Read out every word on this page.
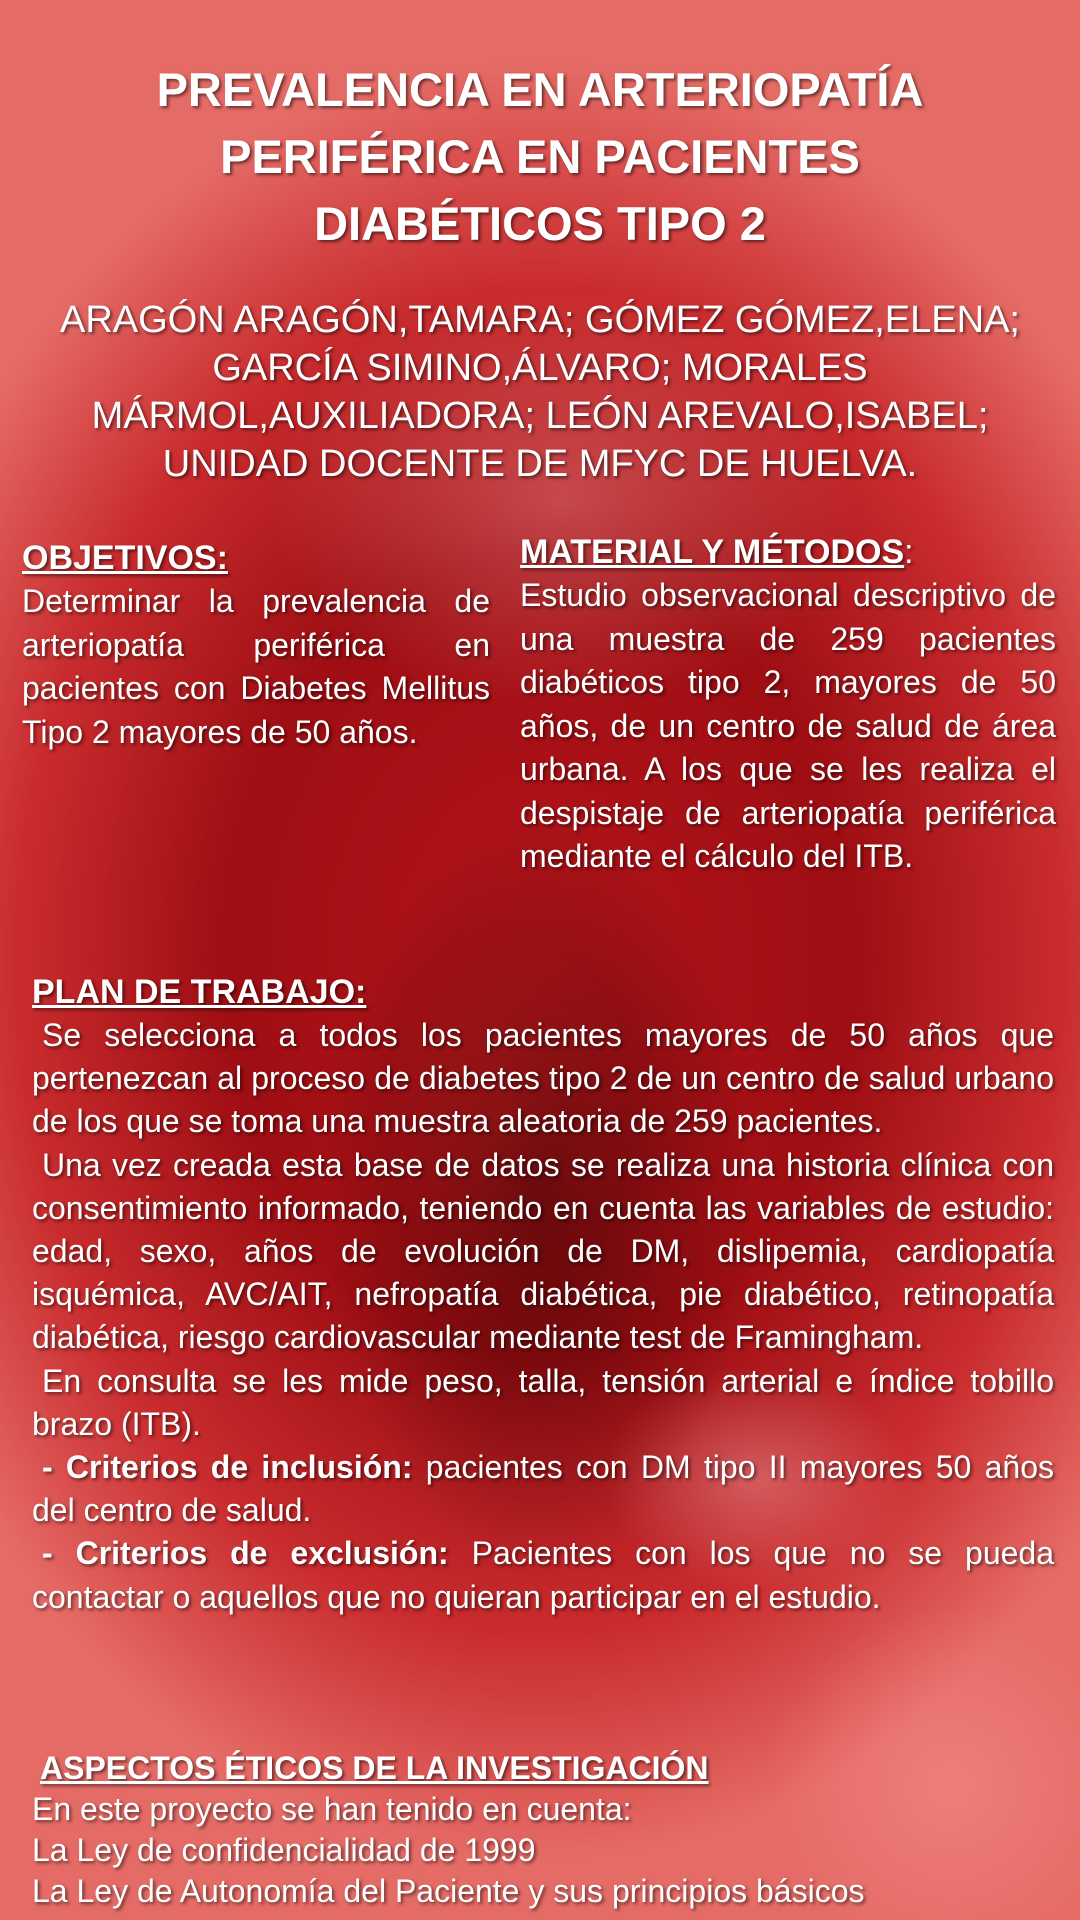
PREVALENCIA EN ARTERIOPATÍA
PERIFÉRICA EN PACIENTES
DIABÉTICOS TIPO 2

ARAGÓN ARAGÓN,TAMARA; GÓMEZ GÓMEZ,ELENA;
GARCÍA SIMINO,ÁLVARO; MORALES
MÁRMOL,AUXILIADORA; LEÓN AREVALO,ISABEL;
UNIDAD DOCENTE DE MFYC DE HUELVA.

OBJETIVOS:

Determinar la prevalencia de arteriopatía periférica en pacientes con Diabetes Mellitus Tipo 2 mayores de 50 años.

MATERIAL Y MÉTODOS:

Estudio observacional descriptivo de una muestra de 259 pacientes diabéticos tipo 2, mayores de 50 años, de un centro de salud de área urbana. A los que se les realiza el despistaje de arteriopatía periférica mediante el cálculo del ITB.

PLAN DE TRABAJO:

Se selecciona a todos los pacientes mayores de 50 años que pertenezcan al proceso de diabetes tipo 2 de un centro de salud urbano de los que se toma una muestra aleatoria de 259 pacientes.

Una vez creada esta base de datos se realiza una historia clínica con consentimiento informado, teniendo en cuenta las variables de estudio: edad, sexo, años de evolución de DM, dislipemia, cardiopatía isquémica, AVC/AIT, nefropatía diabética, pie diabético, retinopatía diabética, riesgo cardiovascular mediante test de Framingham.

En consulta se les mide peso, talla, tensión arterial e índice tobillo brazo (ITB).

- Criterios de inclusión: pacientes con DM tipo II mayores 50 años del centro de salud.

- Criterios de exclusión: Pacientes con los que no se pueda contactar o aquellos que no quieran participar en el estudio.

ASPECTOS ÉTICOS DE LA INVESTIGACIÓN

En este proyecto se han tenido en cuenta:

La Ley de confidencialidad de 1999

La Ley de Autonomía del Paciente y sus principios básicos
